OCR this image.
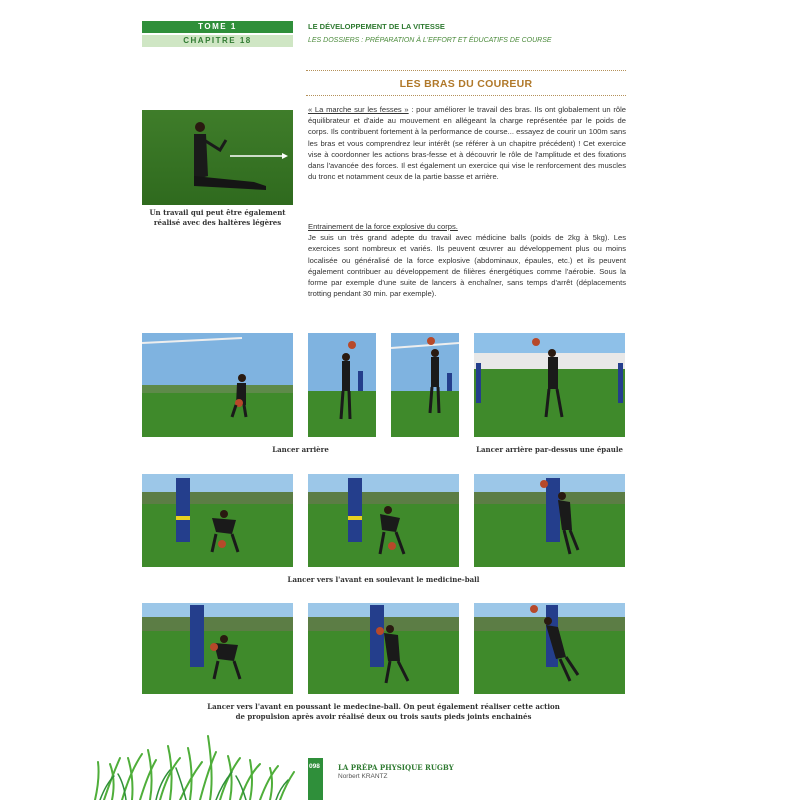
TOME 1
CHAPITRE 18
LE DÉVELOPPEMENT DE LA VITESSE
LES DOSSIERS : PRÉPARATION À L'EFFORT ET ÉDUCATIFS DE COURSE
LES BRAS DU COUREUR
« La marche sur les fesses » : pour améliorer le travail des bras. Ils ont globalement un rôle équilibrateur et d'aide au mouvement en allégeant la charge représentée par le poids de corps. Ils contribuent fortement à la performance de course... essayez de courir un 100m sans les bras et vous comprendrez leur intérêt (se référer à un chapitre précédent) ! Cet exercice vise à coordonner les actions bras-fesse et à découvrir le rôle de l'amplitude et des fixations dans l'avancée des forces. Il est également un exercice qui vise le renforcement des muscles du tronc et notamment ceux de la partie basse et arrière.
Entrainement de la force explosive du corps.
Je suis un très grand adepte du travail avec médicine balls (poids de 2kg à 5kg). Les exercices sont nombreux et variés. Ils peuvent œuvrer au développement plus ou moins localisée ou généralisé de la force explosive (abdominaux, épaules, etc.) et ils peuvent également contribuer au développement de filières énergétiques comme l'aérobie. Sous la forme par exemple d'une suite de lancers à enchaîner, sans temps d'arrêt (déplacements trotting pendant 30 min. par exemple).
Un travail qui peut être également réalisé avec des haltères légères
Lancer arrière	Lancer arrière par-dessus une épaule
Lancer vers l'avant en soulevant le medicine-ball
Lancer vers l'avant en poussant le medecine-ball. On peut également réaliser cette action
de propulsion après avoir réalisé deux ou trois sauts pieds joints enchainés
098	LA PRÉPA PHYSIQUE RUGBY
Norbert KRANTZ
